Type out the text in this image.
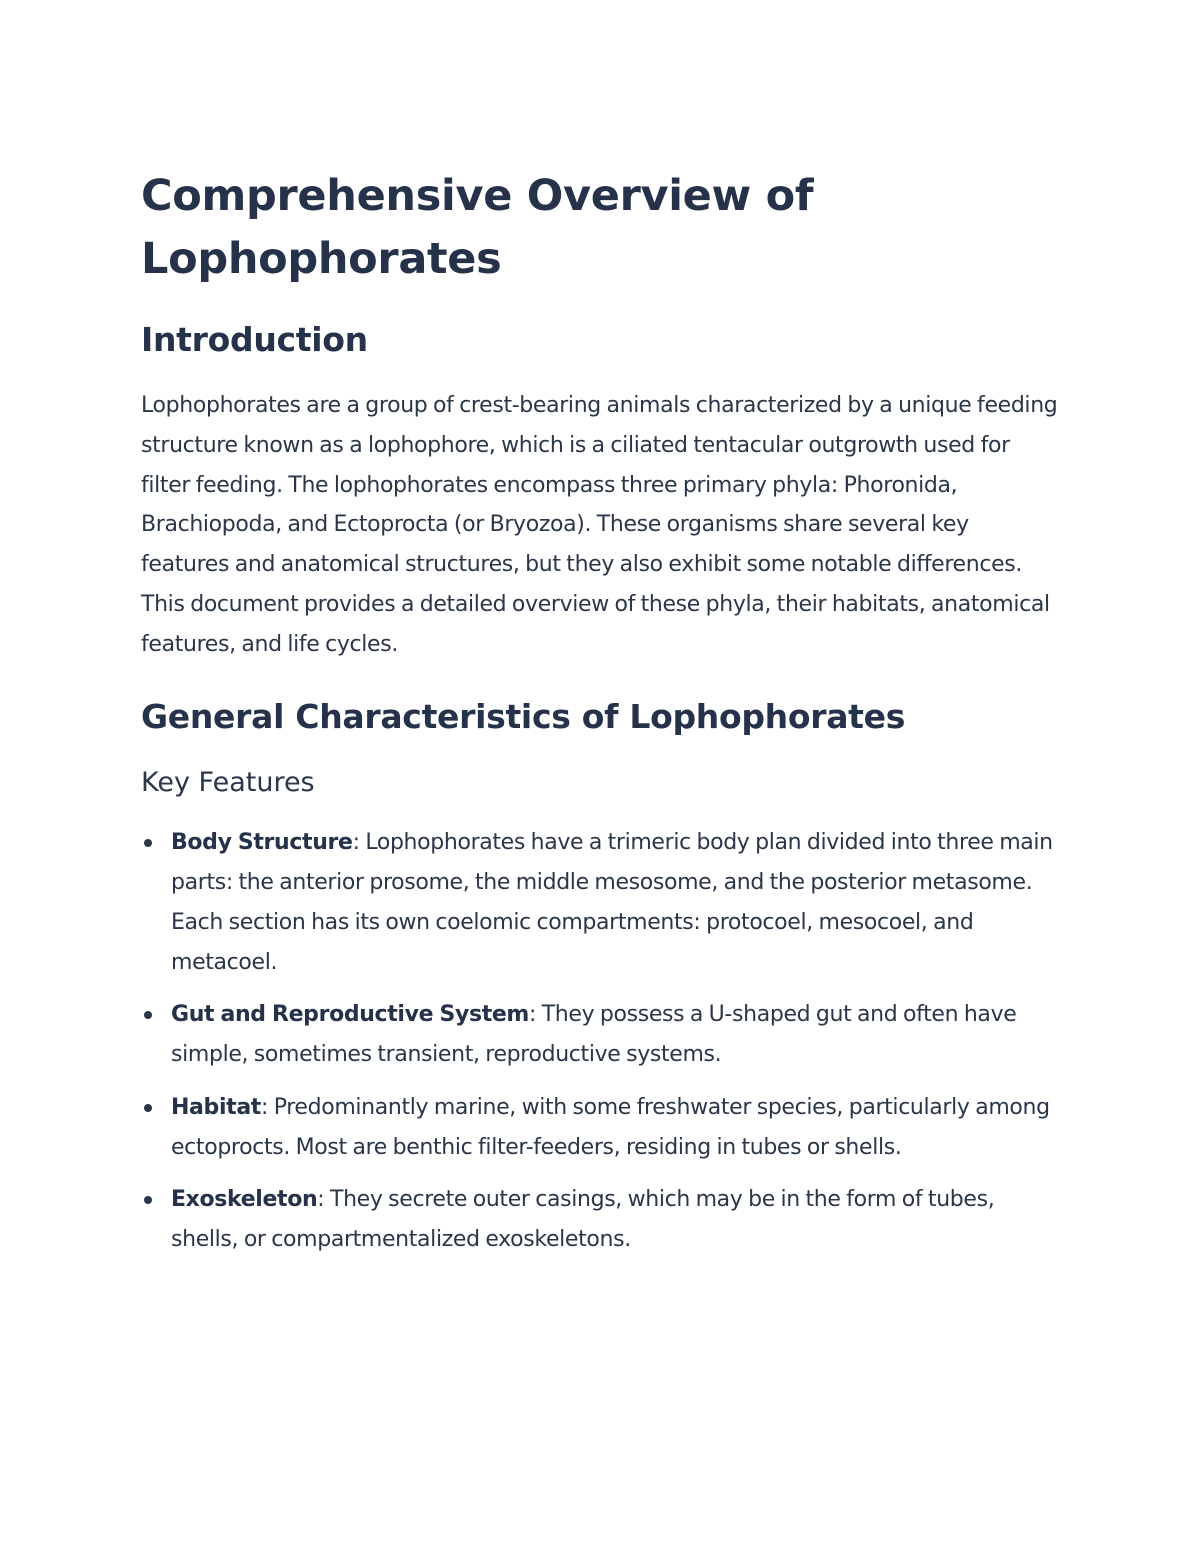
Comprehensive Overview of Lophophorates
Introduction

Lophophorates are a group of crest-bearing animals characterized by a unique feeding structure known as a lophophore, which is a ciliated tentacular outgrowth used for filter feeding. The lophophorates encompass three primary phyla: Phoronida, Brachiopoda, and Ectoprocta (or Bryozoa). These organisms share several key features and anatomical structures, but they also exhibit some notable differences. This document provides a detailed overview of these phyla, their habitats, anatomical features, and life cycles.

General Characteristics of Lophophorates
Key Features
Body Structure: Lophophorates have a trimeric body plan divided into three main parts: the anterior prosome, the middle mesosome, and the posterior metasome. Each section has its own coelomic compartments: protocoel, mesocoel, and metacoel.
Gut and Reproductive System: They possess a U-shaped gut and often have simple, sometimes transient, reproductive systems.
Habitat: Predominantly marine, with some freshwater species, particularly among ectoprocts. Most are benthic filter-feeders, residing in tubes or shells.
Exoskeleton: They secrete outer casings, which may be in the form of tubes, shells, or compartmentalized exoskeletons.
